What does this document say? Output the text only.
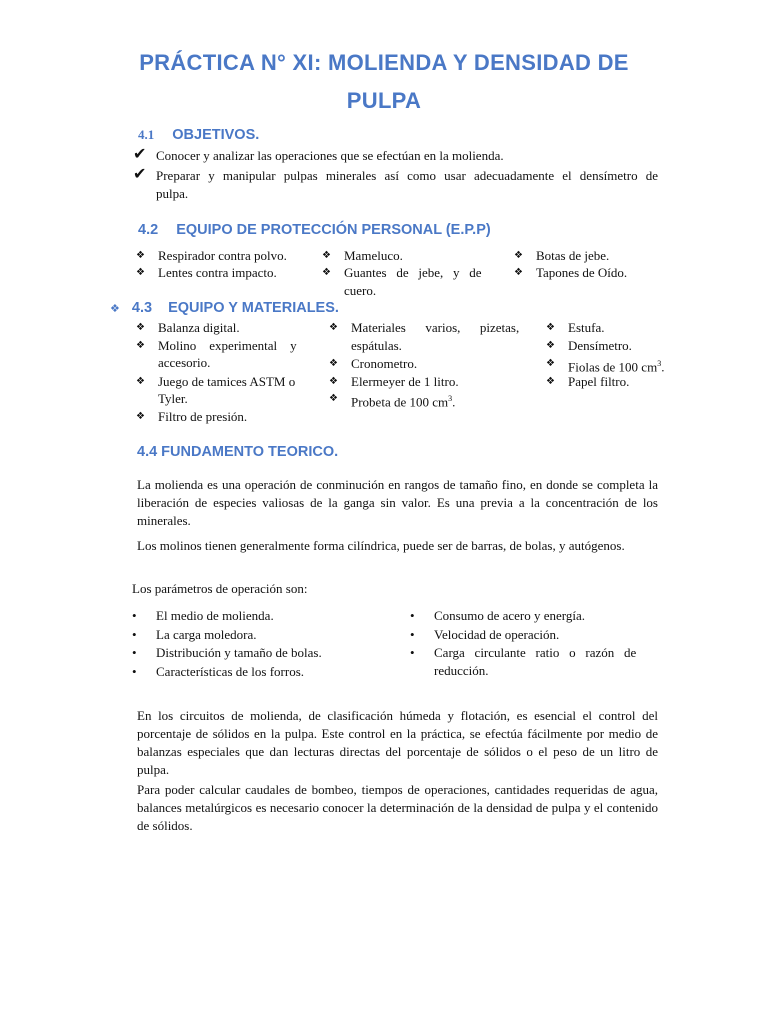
PRÁCTICA N° XI: MOLIENDA Y DENSIDAD DE
PULPA
4.1 OBJETIVOS.
✔ Conocer y analizar las operaciones que se efectúan en la molienda.
✔ Preparar y manipular pulpas minerales así como usar adecuadamente el densímetro de
pulpa.
4.2 EQUIPO DE PROTECCIÓN PERSONAL (E.P.P)
❖ Respirador contra polvo.
❖ Lentes contra impacto.
❖ Mameluco.
❖ Guantes   de   jebe,   y   de
cuero.
❖ Botas de jebe.
❖ Tapones de Oído.
❖ 4.3 EQUIPO Y MATERIALES.
❖ Balanza digital.
❖ Molino    experimental    y
accesorio.
❖ Juego de tamices ASTM o
Tyler.
❖ Filtro de presión.
❖ Materiales      varios,      pizetas,
espátulas.
❖ Cronometro.
❖ Elermeyer de 1 litro.
❖ Probeta de 100 $cm^3$.
❖ Estufa.
❖ Densímetro.
❖ Fiolas de 100 $cm^3$.
❖ Papel filtro.
4.4 FUNDAMENTO TEORICO.
La molienda es una operación de conminución en rangos de tamaño fino, en donde se completa la liberación de especies valiosas de la ganga sin valor. Es una previa a la concentración de los minerales.
Los molinos tienen generalmente forma cilíndrica, puede ser de barras, de bolas, y autógenos.
Los parámetros de operación son:
• El medio de molienda.
• La carga moledora.
• Distribución y tamaño de bolas.
• Características de los forros.
• Consumo de acero y energía.
• Velocidad de operación.
• Carga   circulante   ratio   o   razón   de
reducción.
En los circuitos de molienda, de clasificación húmeda y flotación, es esencial el control del porcentaje de sólidos en la pulpa. Este control en la práctica, se efectúa fácilmente por medio de balanzas especiales que dan lecturas directas del porcentaje de sólidos o el peso de un litro de pulpa.
Para poder calcular caudales de bombeo, tiempos de operaciones, cantidades requeridas de agua, balances metalúrgicos es necesario conocer la determinación de la densidad de pulpa y el contenido de sólidos.
